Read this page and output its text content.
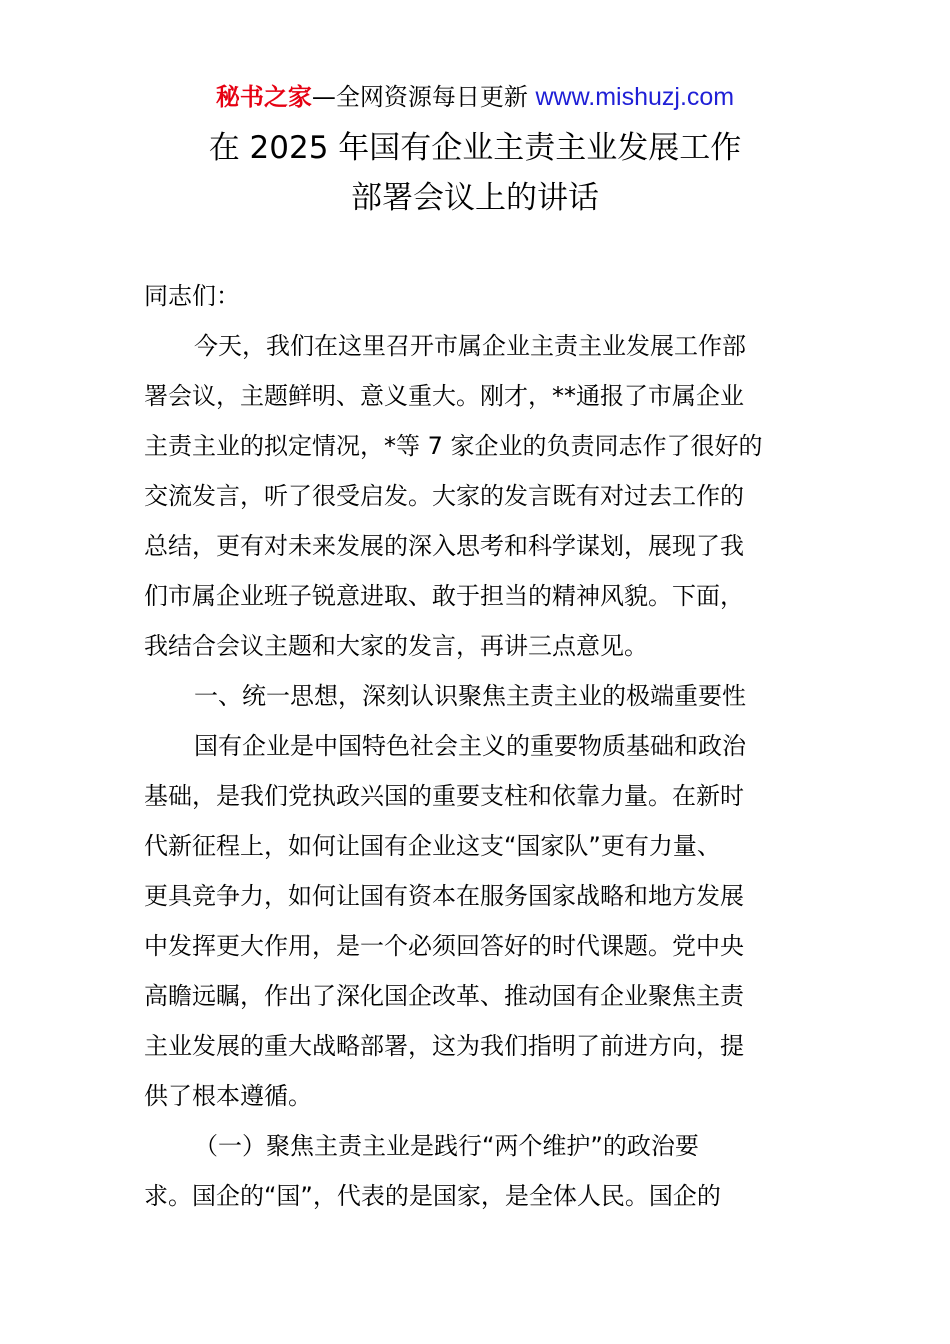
秘书之家—全网资源每日更新 www.mishuzj.com
在 2025 年国有企业主责主业发展工作
部署会议上的讲话
同志们：
今天，我们在这里召开市属企业主责主业发展工作部
署会议，主题鲜明、意义重大。刚才，**通报了市属企业
主责主业的拟定情况，*等 7 家企业的负责同志作了很好的
交流发言，听了很受启发。大家的发言既有对过去工作的
总结，更有对未来发展的深入思考和科学谋划，展现了我
们市属企业班子锐意进取、敢于担当的精神风貌。下面，
我结合会议主题和大家的发言，再讲三点意见。
一、统一思想，深刻认识聚焦主责主业的极端重要性
国有企业是中国特色社会主义的重要物质基础和政治
基础，是我们党执政兴国的重要支柱和依靠力量。在新时
代新征程上，如何让国有企业这支“国家队”更有力量、
更具竞争力，如何让国有资本在服务国家战略和地方发展
中发挥更大作用，是一个必须回答好的时代课题。党中央
高瞻远瞩，作出了深化国企改革、推动国有企业聚焦主责
主业发展的重大战略部署，这为我们指明了前进方向，提
供了根本遵循。
（一）聚焦主责主业是践行“两个维护”的政治要
求。国企的“国”，代表的是国家，是全体人民。国企的
